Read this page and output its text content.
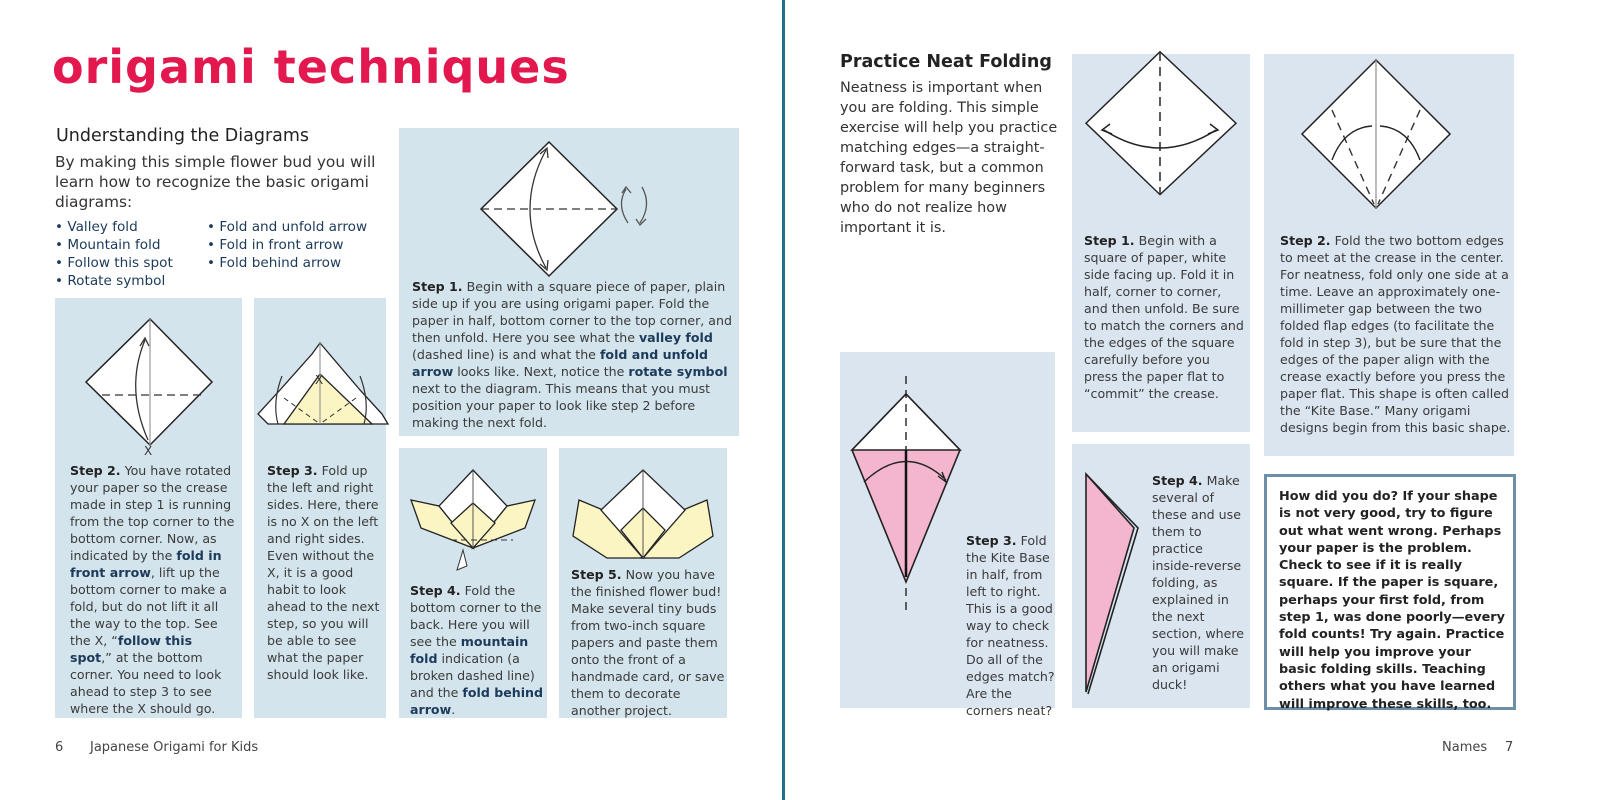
origami techniques
Understanding the Diagrams
By making this simple flower bud you will learn how to recognize the basic origami diagrams:
• Valley fold
• Mountain fold
• Follow this spot
• Rotate symbol
• Fold and unfold arrow
• Fold in front arrow
• Fold behind arrow
Step 1. Begin with a square piece of paper, plain side up if you are using origami paper. Fold the paper in half, bottom corner to the top corner, and then unfold. Here you see what the valley fold (dashed line) is and what the fold and unfold arrow looks like. Next, notice the rotate symbol next to the diagram. This means that you must position your paper to look like step 2 before making the next fold.
X
Step 2. You have rotated your paper so the crease made in step 1 is running from the top corner to the bottom corner. Now, as indicated by the fold in front arrow, lift up the bottom corner to make a fold, but do not lift it all the way to the top. See the X, “follow this spot,” at the bottom corner. You need to look ahead to step 3 to see where the X should go.
X
Step 3. Fold up the left and right sides. Here, there is no X on the left and right sides. Even without the X, it is a good habit to look ahead to the next step, so you will be able to see what the paper should look like.
Step 4. Fold the bottom corner to the back. Here you will see the mountain fold indication (a broken dashed line) and the fold behind arrow.
Step 5. Now you have the finished flower bud! Make several tiny buds from two-inch square papers and paste them onto the front of a handmade card, or save them to decorate another project.
6 Japanese Origami for Kids
Practice Neat Folding
Neatness is important when you are folding. This simple exercise will help you practice matching edges—a straight-forward task, but a common problem for many beginners who do not realize how important it is.
Step 1. Begin with a square of paper, white side facing up. Fold it in half, corner to corner, and then unfold. Be sure to match the corners and the edges of the square carefully before you press the paper flat to “commit” the crease.
Step 2. Fold the two bottom edges to meet at the crease in the center. For neatness, fold only one side at a time. Leave an approximately one-millimeter gap between the two folded flap edges (to facilitate the fold in step 3), but be sure that the edges of the paper align with the crease exactly before you press the paper flat. This shape is often called the “Kite Base.” Many origami designs begin from this basic shape.
Step 3. Fold the Kite Base in half, from left to right. This is a good way to check for neatness. Do all of the edges match? Are the corners neat?
Step 4. Make several of these and use them to practice inside-reverse folding, as explained in the next section, where you will make an origami duck!
How did you do? If your shape is not very good, try to figure out what went wrong. Perhaps your paper is the problem. Check to see if it is really square. If the paper is square, perhaps your first fold, from step 1, was done poorly—every fold counts! Try again. Practice will help you improve your basic folding skills. Teaching others what you have learned will improve these skills, too.
Names 7
